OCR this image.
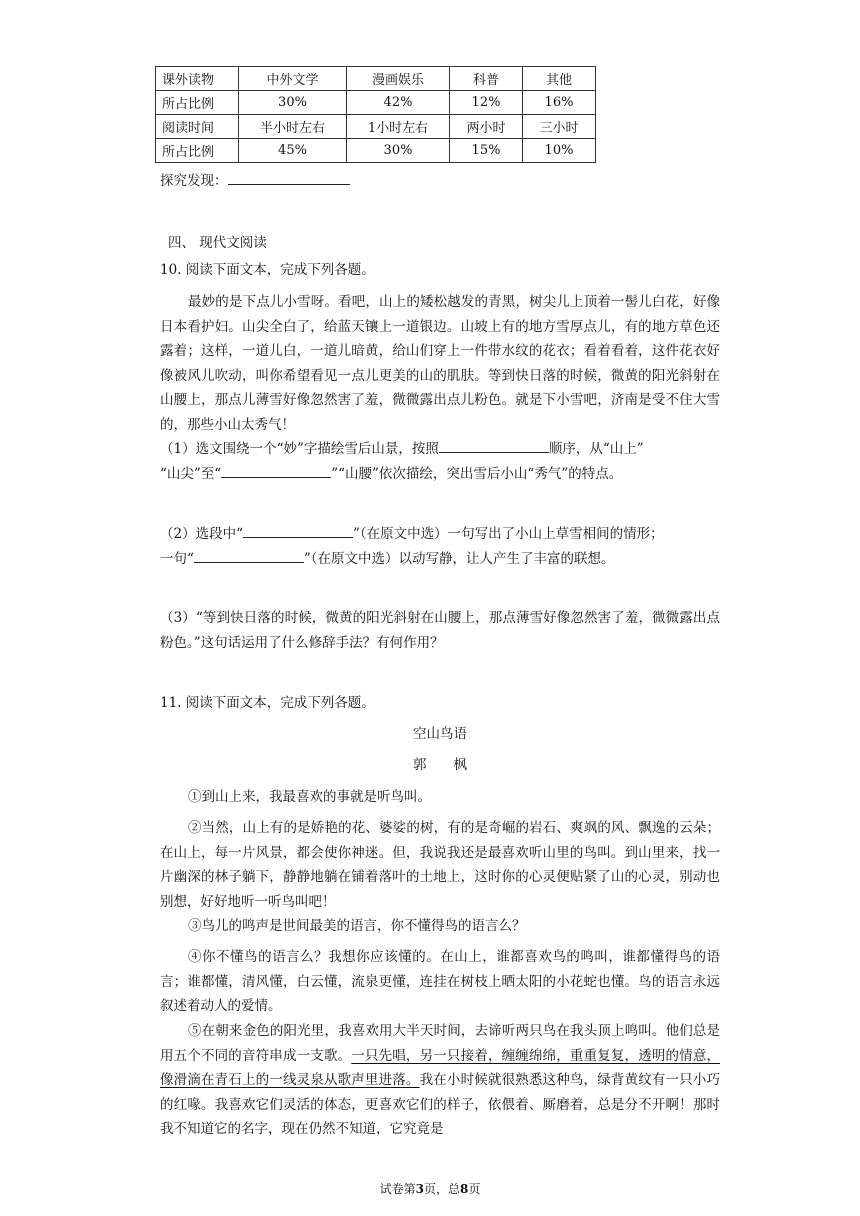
课外读物	中外文学	漫画娱乐	科普	其他
所占比例	30%	42%	12%	16%
阅读时间	半小时左右	1小时左右	两小时	三小时
所占比例	45%	30%	15%	10%
探究发现：
四、 现代文阅读
10. 阅读下面文本，完成下列各题。
最妙的是下点儿小雪呀。看吧，山上的矮松越发的青黑，树尖儿上顶着一髻儿白花，好像日本看护妇。山尖全白了，给蓝天镶上一道银边。山坡上有的地方雪厚点儿，有的地方草色还露着；这样，一道儿白，一道儿暗黄，给山们穿上一件带水纹的花衣；看着看着，这件花衣好像被风儿吹动，叫你希望看见一点儿更美的山的肌肤。等到快日落的时候，微黄的阳光斜射在山腰上，那点儿薄雪好像忽然害了羞，微微露出点儿粉色。就是下小雪吧，济南是受不住大雪的，那些小山太秀气！
（1）选文围绕一个“妙”字描绘雪后山景，按照	顺序，从“山上”
“山尖”至“	”“山腰”依次描绘，突出雪后小山“秀气”的特点。
（2）选段中“	”（在原文中选）一句写出了小山上草雪相间的情形；
一句“	”（在原文中选）以动写静，让人产生了丰富的联想。
（3）“等到快日落的时候，微黄的阳光斜射在山腰上，那点薄雪好像忽然害了羞，微微露出点粉色。”这句话运用了什么修辞手法？有何作用？
11. 阅读下面文本，完成下列各题。
空山鸟语
郭　　枫
①到山上来，我最喜欢的事就是听鸟叫。
②当然，山上有的是娇艳的花、婆娑的树，有的是奇崛的岩石、爽飒的风、飘逸的云朵；在山上，每一片风景，都会使你神迷。但，我说我还是最喜欢听山里的鸟叫。到山里来，找一片幽深的林子躺下，静静地躺在铺着落叶的土地上，这时你的心灵便贴紧了山的心灵，别动也别想，好好地听一听鸟叫吧！
③鸟儿的鸣声是世间最美的语言，你不懂得鸟的语言么？
④你不懂鸟的语言么？我想你应该懂的。在山上，谁都喜欢鸟的鸣叫，谁都懂得鸟的语言；谁都懂，清风懂，白云懂，流泉更懂，连挂在树枝上晒太阳的小花蛇也懂。鸟的语言永远叙述着动人的爱情。
⑤在朝来金色的阳光里，我喜欢用大半天时间，去谛听两只鸟在我头顶上鸣叫。他们总是用五个不同的音符串成一支歌。一只先唱，另一只接着，缠缠绵绵，重重复复，透明的情意，像滑滴在青石上的一线灵泉从歌声里进落。我在小时候就很熟悉这种鸟，绿背黄纹有一只小巧的红喙。我喜欢它们灵活的体态，更喜欢它们的样子，依偎着、厮磨着，总是分不开啊！那时我不知道它的名字，现在仍然不知道，它究竟是
试卷第3页，总8页
